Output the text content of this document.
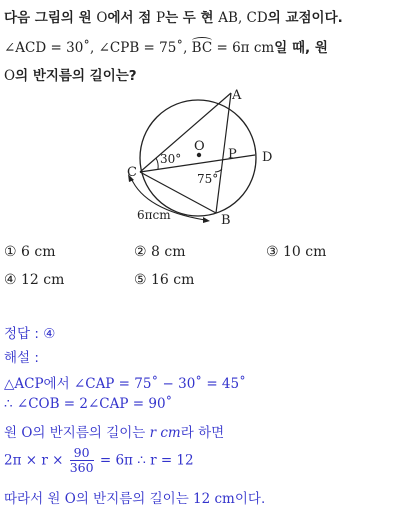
다음 그림의 원 O에서 점 P는 두 현 AB, CD의 교점이다.
∠ACD = 30˚, ∠CPB = 75˚, BC = 6π cm일 때, 원
O의 반지름의 길이는?
A
B
C
D
O
P
30°
75°
6πcm
① 6 cm	② 8 cm	③ 10 cm
④ 12 cm	⑤ 16 cm
정답 : ④
해설 :
△ACP에서 ∠CAP = 75˚ − 30˚ = 45˚
∴ ∠COB = 2∠CAP = 90˚
원 O의 반지름의 길이는 r cm라 하면
$2\pi \times r \times \frac{90}{360} = 6\pi$ ∴ r = 12
따라서 원 O의 반지름의 길이는 12 cm이다.
